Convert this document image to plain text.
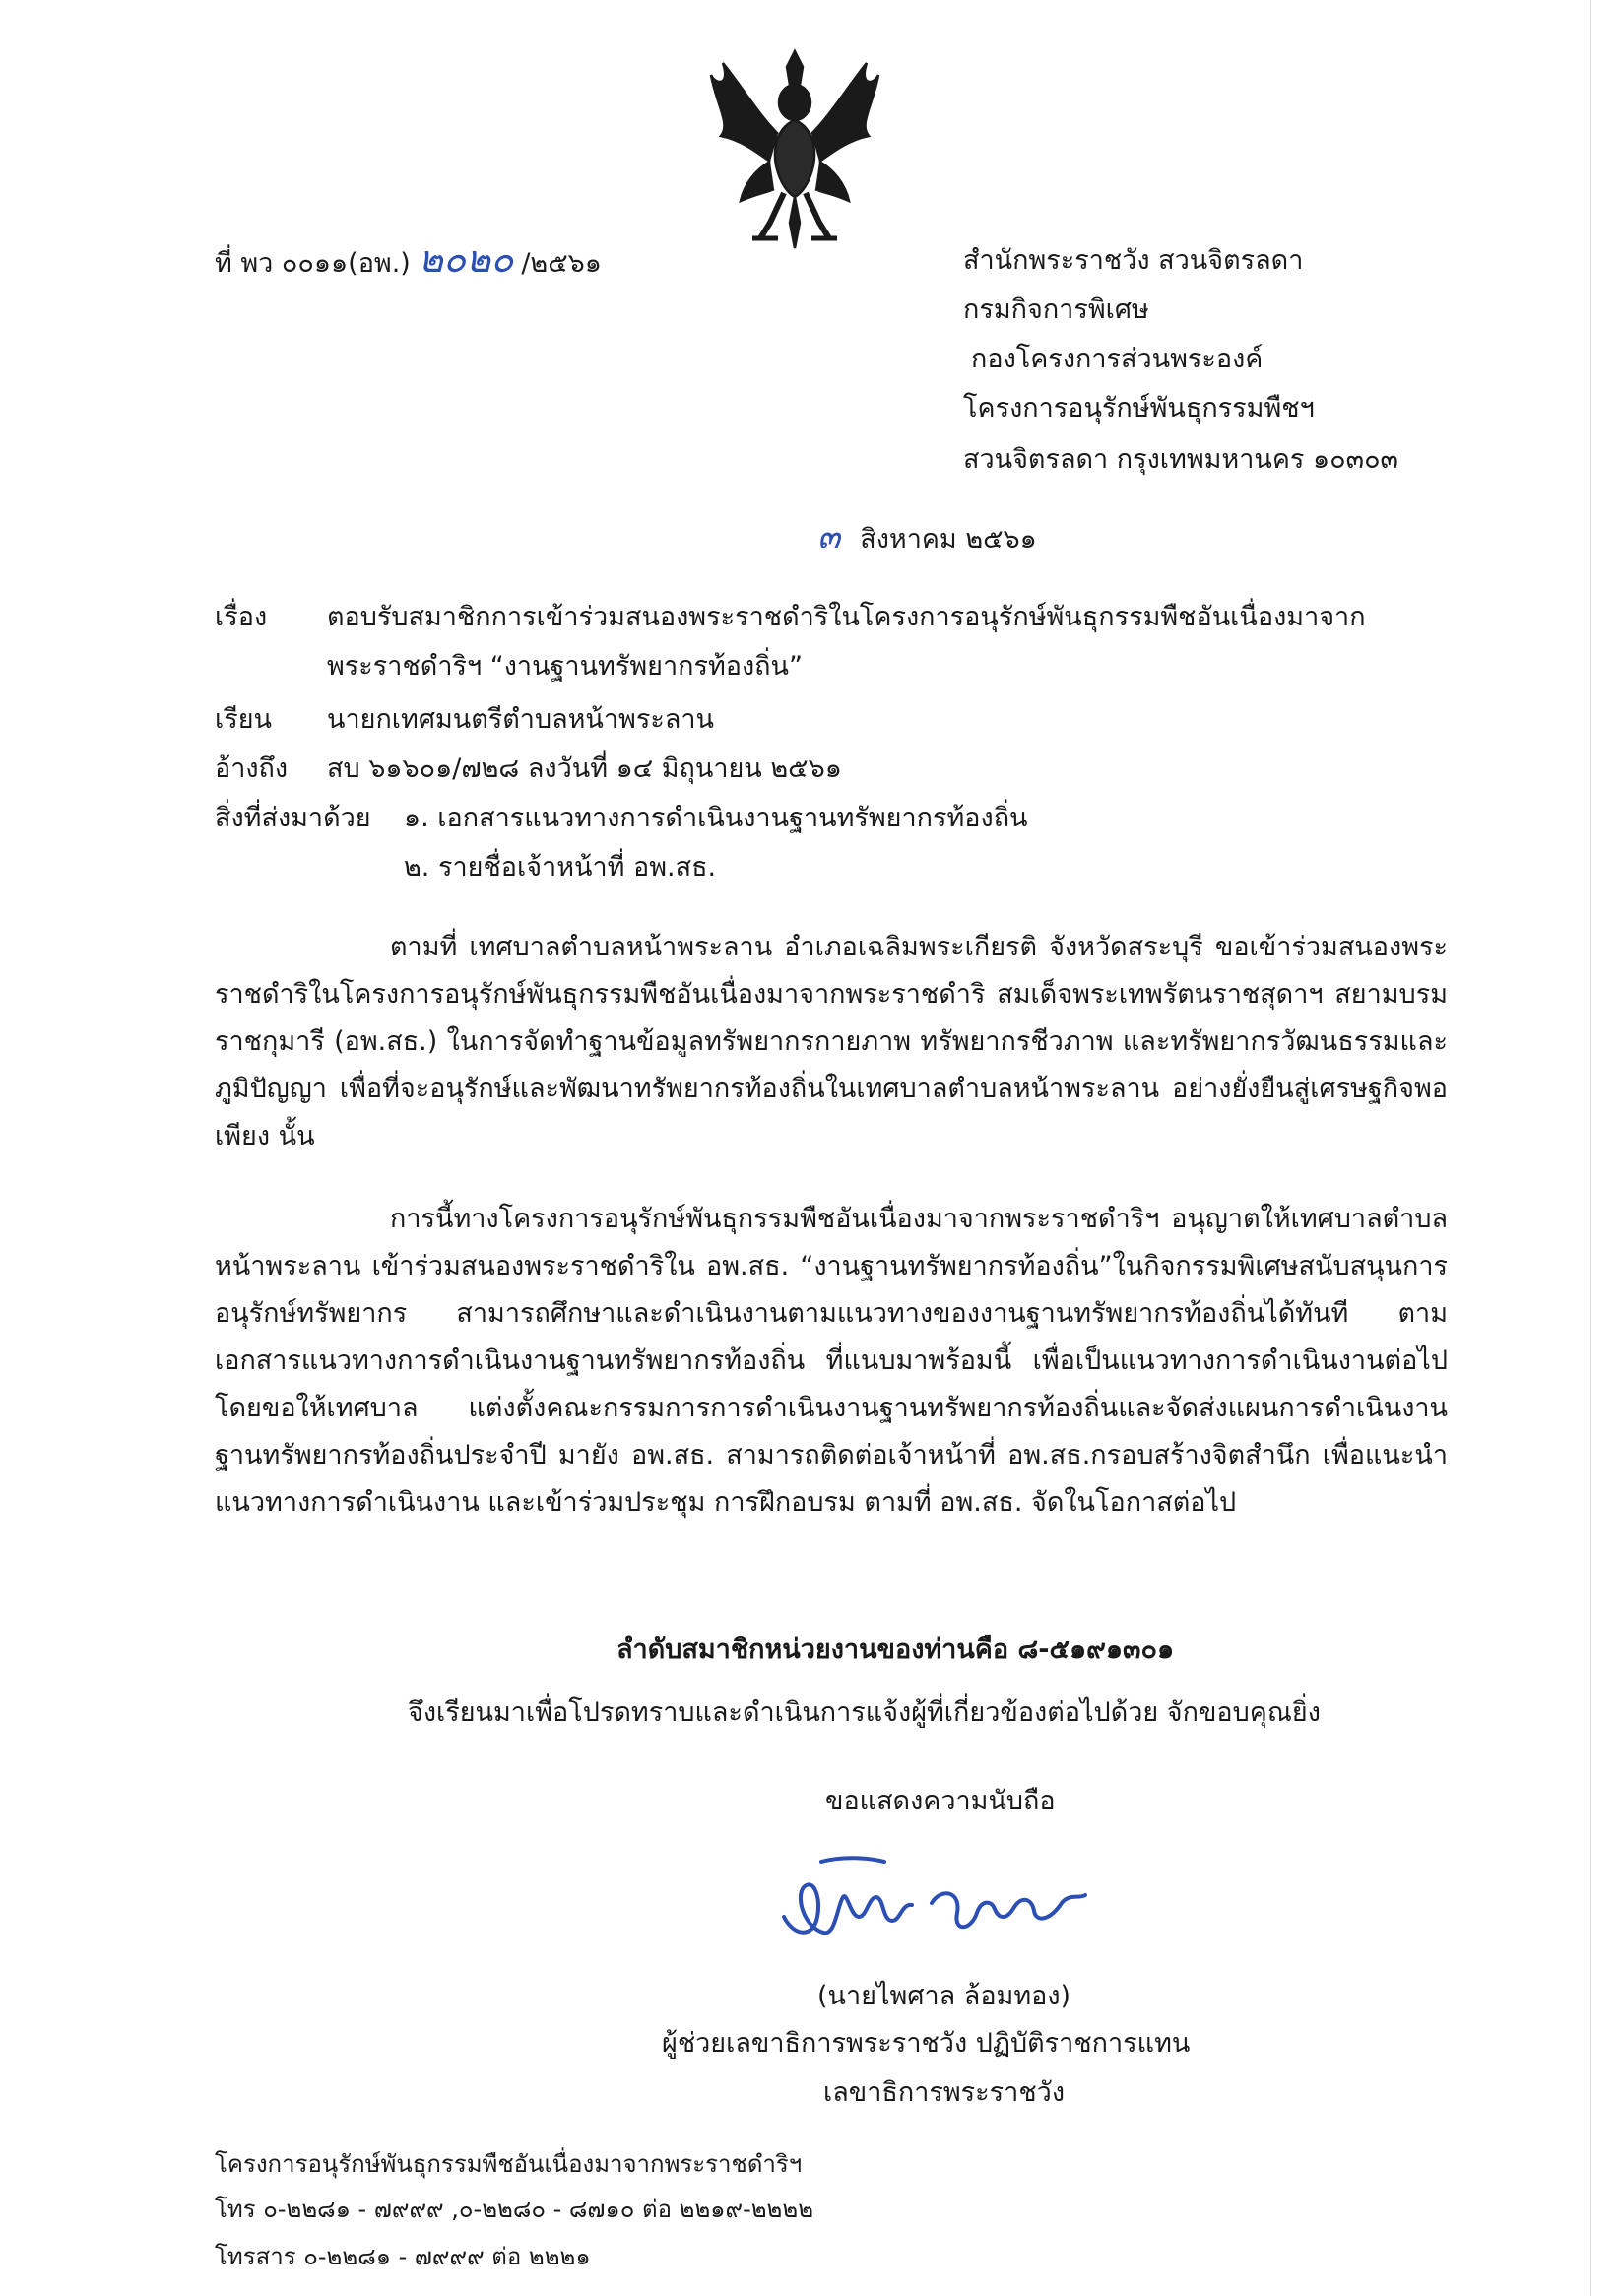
ที่ พว ๐๐๑๑(อพ.) ๒๐๒๐ /๒๕๖๑	สำนักพระราชวัง สวนจิตรลดา
กรมกิจการพิเศษ
กองโครงการส่วนพระองค์
โครงการอนุรักษ์พันธุกรรมพืชฯ
สวนจิตรลดา กรุงเทพมหานคร ๑๐๓๐๓
๓ สิงหาคม ๒๕๖๑
เรื่อง ตอบรับสมาชิกการเข้าร่วมสนองพระราชดำริในโครงการอนุรักษ์พันธุกรรมพืชอันเนื่องมาจาก
พระราชดำริฯ “งานฐานทรัพยากรท้องถิ่น”
เรียน นายกเทศมนตรีตำบลหน้าพระลาน
อ้างถึง สบ ๖๑๖๐๑/๗๒๘ ลงวันที่ ๑๔ มิถุนายน ๒๕๖๑
สิ่งที่ส่งมาด้วย ๑. เอกสารแนวทางการดำเนินงานฐานทรัพยากรท้องถิ่น
๒. รายชื่อเจ้าหน้าที่ อพ.สธ.
ตามที่ เทศบาลตำบลหน้าพระลาน อำเภอเฉลิมพระเกียรติ จังหวัดสระบุรี ขอเข้าร่วมสนองพระราชดำริในโครงการอนุรักษ์พันธุกรรมพืชอันเนื่องมาจากพระราชดำริ สมเด็จพระเทพรัตนราชสุดาฯ สยามบรมราชกุมารี (อพ.สธ.) ในการจัดทำฐานข้อมูลทรัพยากรกายภาพ ทรัพยากรชีวภาพ และทรัพยากรวัฒนธรรมและภูมิปัญญา เพื่อที่จะอนุรักษ์และพัฒนาทรัพยากรท้องถิ่นในเทศบาลตำบลหน้าพระลาน อย่างยั่งยืนสู่เศรษฐกิจพอเพียง นั้น
การนี้ทางโครงการอนุรักษ์พันธุกรรมพืชอันเนื่องมาจากพระราชดำริฯ อนุญาตให้เทศบาลตำบลหน้าพระลาน เข้าร่วมสนองพระราชดำริใน อพ.สธ. “งานฐานทรัพยากรท้องถิ่น”ในกิจกรรมพิเศษสนับสนุนการอนุรักษ์ทรัพยากร สามารถศึกษาและดำเนินงานตามแนวทางของงานฐานทรัพยากรท้องถิ่นได้ทันที ตามเอกสารแนวทางการดำเนินงานฐานทรัพยากรท้องถิ่น ที่แนบมาพร้อมนี้ เพื่อเป็นแนวทางการดำเนินงานต่อไป โดยขอให้เทศบาล แต่งตั้งคณะกรรมการการดำเนินงานฐานทรัพยากรท้องถิ่นและจัดส่งแผนการดำเนินงานฐานทรัพยากรท้องถิ่นประจำปี มายัง อพ.สธ. สามารถติดต่อเจ้าหน้าที่ อพ.สธ.กรอบสร้างจิตสำนึก เพื่อแนะนำแนวทางการดำเนินงาน และเข้าร่วมประชุม การฝึกอบรม ตามที่ อพ.สธ. จัดในโอกาสต่อไป
ลำดับสมาชิกหน่วยงานของท่านคือ ๘-๕๑๙๑๓๐๑
จึงเรียนมาเพื่อโปรดทราบและดำเนินการแจ้งผู้ที่เกี่ยวข้องต่อไปด้วย จักขอบคุณยิ่ง
ขอแสดงความนับถือ
(นายไพศาล ล้อมทอง)
ผู้ช่วยเลขาธิการพระราชวัง ปฏิบัติราชการแทน
เลขาธิการพระราชวัง
โครงการอนุรักษ์พันธุกรรมพืชอันเนื่องมาจากพระราชดำริฯ
โทร ๐-๒๒๘๑ - ๗๙๙๙ ,๐-๒๒๘๐ - ๘๗๑๐ ต่อ ๒๒๑๙-๒๒๒๒
โทรสาร ๐-๒๒๘๑ - ๗๙๙๙ ต่อ ๒๒๒๑
